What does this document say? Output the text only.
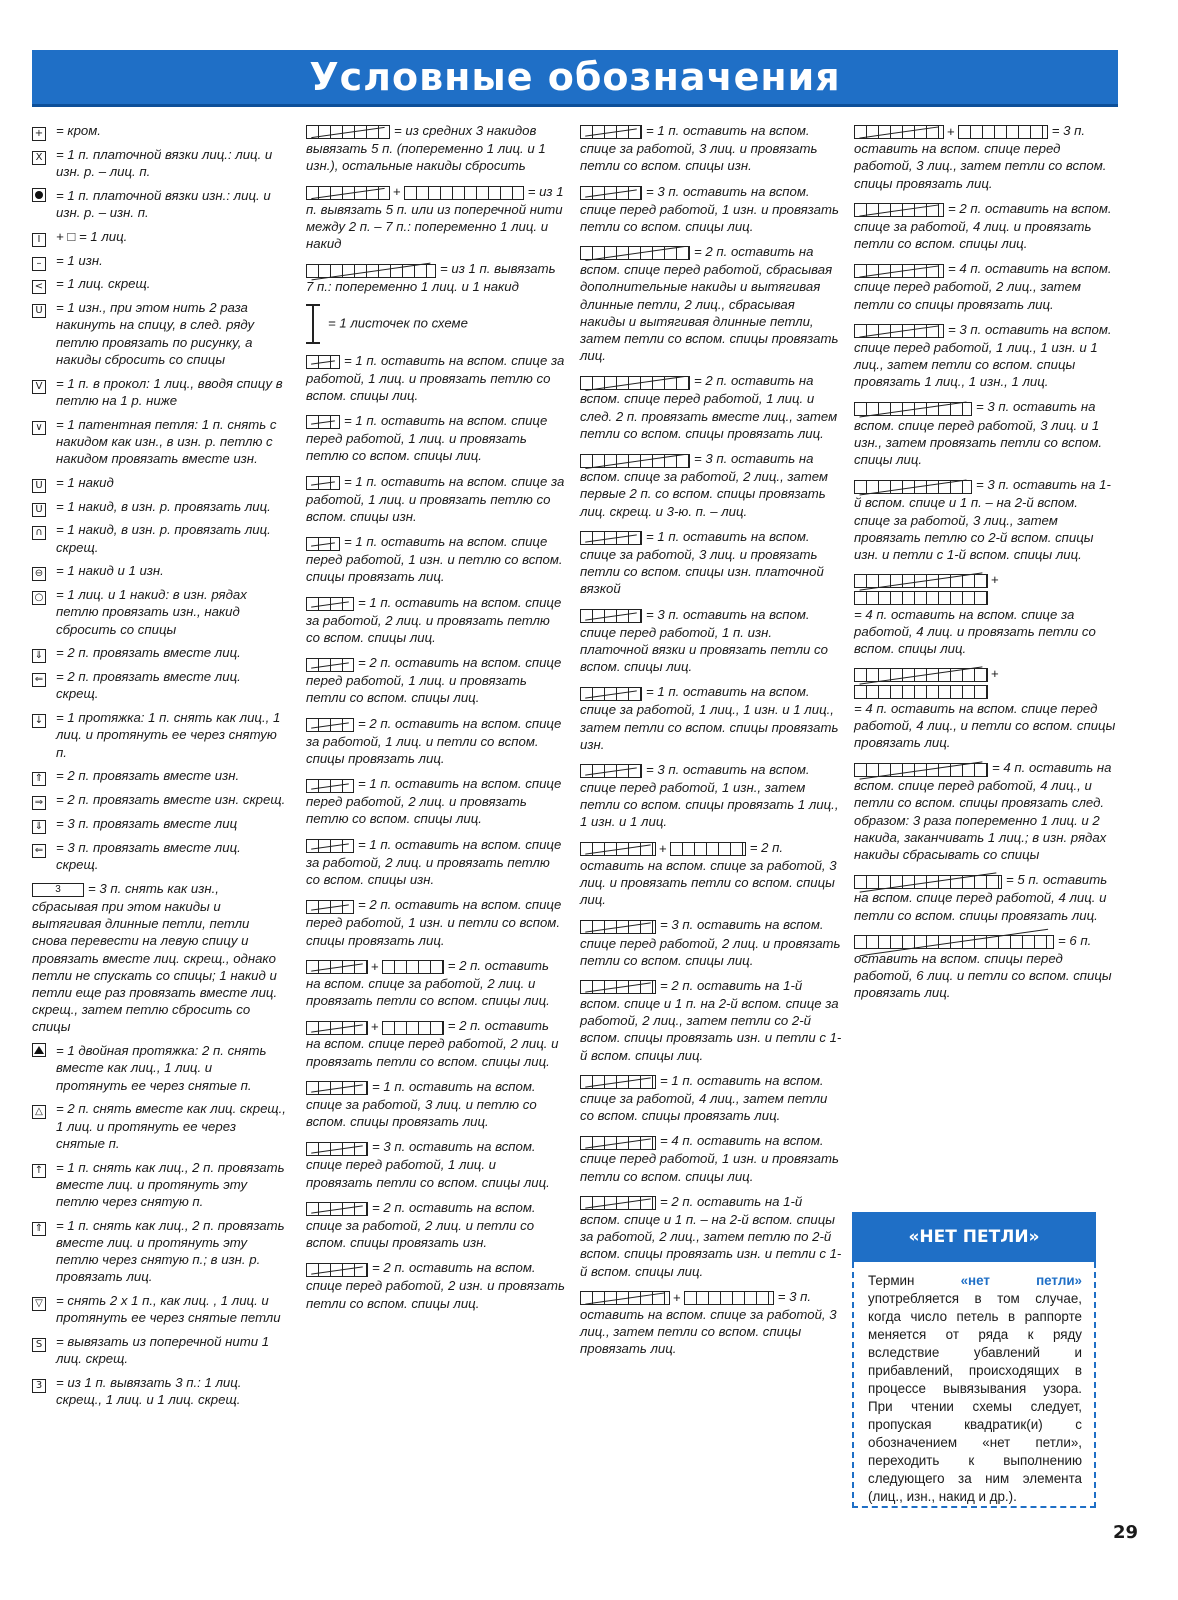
Условные обозначения
+ = кром.
X = 1 п. платочной вязки лиц.: лиц. и изн. р. – лиц. п.
= 1 п. платочной вязки изн.: лиц. и изн. р. – изн. п.
I	+ □ = 1 лиц.
–	= 1 изн.
< = 1 лиц. скрещ.
U = 1 изн., при этом нить 2 раза накинуть на спицу, в след. ряду петлю провязать по рисунку, а накиды сбросить со спицы
V = 1 п. в прокол: 1 лиц., вводя спицу в петлю на 1 р. ниже
∨ = 1 патентная петля: 1 п. снять с накидом как изн., в изн. р. петлю с накидом провязать вместе изн.
U = 1 накид
Ü = 1 накид, в изн. р. провязать лиц.
∩ = 1 накид, в изн. р. провязать лиц. скрещ.
⊖ = 1 накид и 1 изн.
○ = 1 лиц. и 1 накид: в изн. рядах петлю провязать изн., накид сбросить со спицы
⇓ = 2 п. провязать вместе лиц.
⇐ = 2 п. провязать вместе лиц. скрещ.
↓ = 1 протяжка: 1 п. снять как лиц., 1 лиц. и протянуть ее через снятую п.
⇑ = 2 п. провязать вместе изн.
⇒ = 2 п. провязать вместе изн. скрещ.
⇓ = 3 п. провязать вместе лиц
⇐ = 3 п. провязать вместе лиц. скрещ.
3 = 3 п. снять как изн., сбрасывая при этом накиды и вытягивая длинные петли, петли снова перевести на левую спицу и провязать вместе лиц. скрещ., однако петли не спускать со спицы; 1 накид и петли еще раз провязать вместе лиц. скрещ., затем петлю сбросить со спицы
= 1 двойная протяжка: 2 п. снять вместе как лиц., 1 лиц. и протянуть ее через снятые п.
△ = 2 п. снять вместе как лиц. скрещ., 1 лиц. и протянуть ее через снятые п.
↑ = 1 п. снять как лиц., 2 п. провязать вместе лиц. и протянуть эту петлю через снятую п.
⇑ = 1 п. снять как лиц., 2 п. провязать вместе лиц. и протянуть эту петлю через снятую п.; в изн. р. провязать лиц.
▽ = снять 2 х 1 п., как лиц. , 1 лиц. и протянуть ее через снятые петли
S = вывязать из поперечной нити 1 лиц. скрещ.
3 = из 1 п. вывязать 3 п.: 1 лиц. скрещ., 1 лиц. и 1 лиц. скрещ.
= из средних 3 накидов вывязать 5 п. (попеременно 1 лиц. и 1 изн.), остальные накиды сбросить
+	= из 1 п. вывязать 5 п. или из поперечной нити между 2 п. – 7 п.: попеременно 1 лиц. и накид
= из 1 п. вывязать 7 п.: попеременно 1 лиц. и 1 накид
= 1 листочек по схеме
= 1 п. оставить на вспом. спице за работой, 1 лиц. и провязать петлю со вспом. спицы лиц.
= 1 п. оставить на вспом. спице перед работой, 1 лиц. и провязать петлю со вспом. спицы лиц.
= 1 п. оставить на вспом. спице за работой, 1 лиц. и провязать петлю со вспом. спицы изн.
= 1 п. оставить на вспом. спице перед работой, 1 изн. и петлю со вспом. спицы провязать лиц.
= 1 п. оставить на вспом. спице за работой, 2 лиц. и провязать петлю со вспом. спицы лиц.
= 2 п. оставить на вспом. спице перед работой, 1 лиц. и провязать петли со вспом. спицы лиц.
= 2 п. оставить на вспом. спице за работой, 1 лиц. и петли со вспом. спицы провязать лиц.
= 1 п. оставить на вспом. спице перед работой, 2 лиц. и провязать петлю со вспом. спицы лиц.
= 1 п. оставить на вспом. спице за работой, 2 лиц. и провязать петлю со вспом. спицы изн.
= 2 п. оставить на вспом. спице перед работой, 1 изн. и петли со вспом. спицы провязать лиц.
+	= 2 п. оставить на вспом. спице за работой, 2 лиц. и провязать петли со вспом. спицы лиц.
+	= 2 п. оставить на вспом. спице перед работой, 2 лиц. и провязать петли со вспом. спицы лиц.
= 1 п. оставить на вспом. спице за работой, 3 лиц. и петлю со вспом. спицы провязать лиц.
= 3 п. оставить на вспом. спице перед работой, 1 лиц. и провязать петли со вспом. спицы лиц.
= 2 п. оставить на вспом. спице за работой, 2 лиц. и петли со вспом. спицы провязать изн.
= 2 п. оставить на вспом. спице перед работой, 2 изн. и провязать петли со вспом. спицы лиц.
= 1 п. оставить на вспом. спице за работой, 3 лиц. и провязать петли со вспом. спицы изн.
= 3 п. оставить на вспом. спице перед работой, 1 изн. и провязать петли со вспом. спицы лиц.
= 2 п. оставить на вспом. спице перед работой, сбрасывая дополнительные накиды и вытягивая длинные петли, 2 лиц., сбрасывая накиды и вытягивая длинные петли, затем петли со вспом. спицы провязать лиц.
= 2 п. оставить на вспом. спице перед работой, 1 лиц. и след. 2 п. провязать вместе лиц., затем петли со вспом. спицы провязать лиц.
= 3 п. оставить на вспом. спице за работой, 2 лиц., затем первые 2 п. со вспом. спицы провязать лиц. скрещ. и 3-ю. п. – лиц.
= 1 п. оставить на вспом. спице за работой, 3 лиц. и провязать петли со вспом. спицы изн. платочной вязкой
= 3 п. оставить на вспом. спице перед работой, 1 п. изн. платочной вязки и провязать петли со вспом. спицы лиц.
= 1 п. оставить на вспом. спице за работой, 1 лиц., 1 изн. и 1 лиц., затем петли со вспом. спицы провязать изн.
= 3 п. оставить на вспом. спице перед работой, 1 изн., затем петли со вспом. спицы провязать 1 лиц., 1 изн. и 1 лиц.
+	= 2 п. оставить на вспом. спице за работой, 3 лиц. и провязать петли со вспом. спицы лиц.
= 3 п. оставить на вспом. спице перед работой, 2 лиц. и провязать петли со вспом. спицы лиц.
= 2 п. оставить на 1-й вспом. спице и 1 п. на 2-й вспом. спице за работой, 2 лиц., затем петли со 2-й вспом. спицы провязать изн. и петли с 1-й вспом. спицы лиц.
= 1 п. оставить на вспом. спице за работой, 4 лиц., затем петли со вспом. спицы провязать лиц.
= 4 п. оставить на вспом. спице перед работой, 1 изн. и провязать петли со вспом. спицы лиц.
= 2 п. оставить на 1-й вспом. спице и 1 п. – на 2-й вспом. спицы за работой, 2 лиц., затем петлю по 2-й вспом. спицы провязать изн. и петли с 1-й вспом. спицы лиц.
+	= 3 п. оставить на вспом. спице за работой, 3 лиц., затем петли со вспом. спицы провязать лиц.
+	= 3 п. оставить на вспом. спице перед работой, 3 лиц., затем петли со вспом. спицы провязать лиц.
= 2 п. оставить на вспом. спице за работой, 4 лиц. и провязать петли со вспом. спицы лиц.
= 4 п. оставить на вспом. спице перед работой, 2 лиц., затем петли со спицы провязать лиц.
= 3 п. оставить на вспом. спице перед работой, 1 лиц., 1 изн. и 1 лиц., затем петли со вспом. спицы провязать 1 лиц., 1 изн., 1 лиц.
= 3 п. оставить на вспом. спице перед работой, 3 лиц. и 1 изн., затем провязать петли со вспом. спицы лиц.
= 3 п. оставить на 1-й вспом. спице и 1 п. – на 2-й вспом. спице за работой, 3 лиц., затем провязать петлю со 2-й вспом. спицы изн. и петли с 1-й вспом. спицы лиц.
+= 4 п. оставить на вспом. спице за работой, 4 лиц. и провязать петли со вспом. спицы лиц.
+= 4 п. оставить на вспом. спице перед работой, 4 лиц., и петли со вспом. спицы провязать лиц.
= 4 п. оставить на вспом. спице перед работой, 4 лиц., и петли со вспом. спицы провязать след. образом: 3 раза попеременно 1 лиц. и 2 накида, заканчивать 1 лиц.; в изн. рядах накиды сбрасывать со спицы
= 5 п. оставить на вспом. спице перед работой, 4 лиц. и петли со вспом. спицы провязать лиц.
= 6 п. оставить на вспом. спицы перед работой, 6 лиц. и петли со вспом. спицы провязать лиц.
«НЕТ ПЕТЛИ»
Термин «нет петли» употребляется в том случае, когда число петель в раппорте меняется от ряда к ряду вследствие убавлений и прибавлений, происходящих в процессе вывязывания узора. При чтении схемы следует, пропуская квадратик(и) с обозначением «нет петли», переходить к выполнению следующего за ним элемента (лиц., изн., накид и др.).
29
